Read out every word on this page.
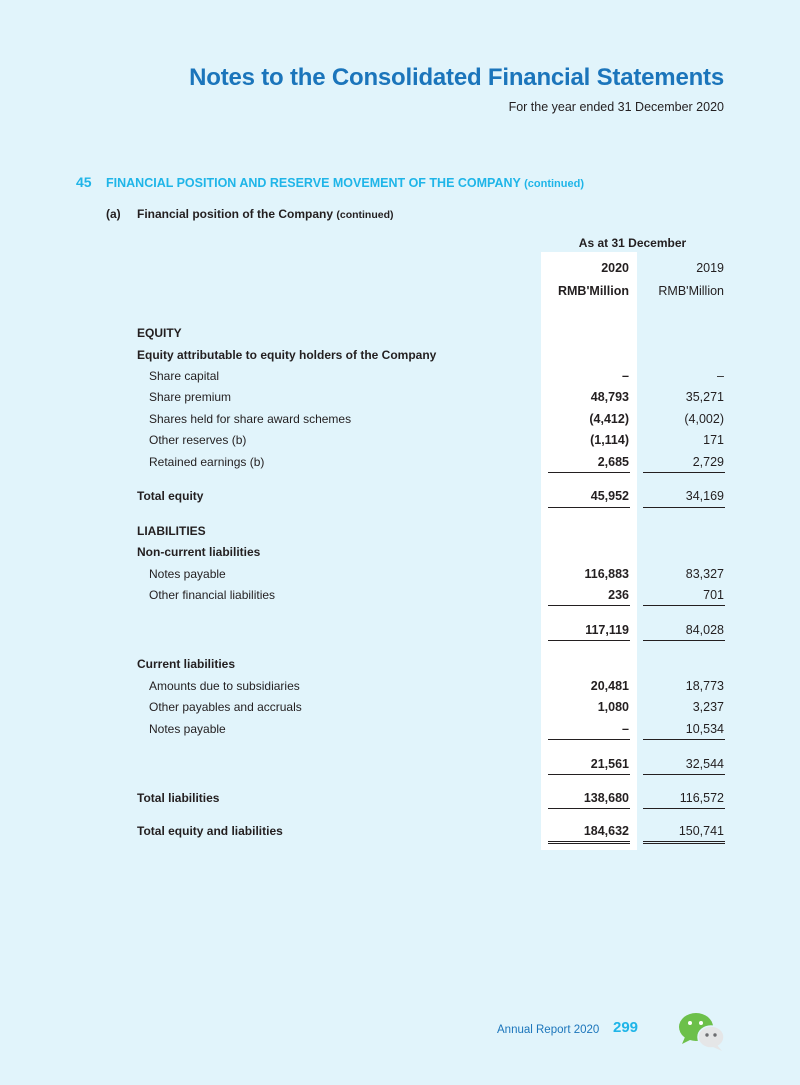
Notes to the Consolidated Financial Statements
For the year ended 31 December 2020
45 FINANCIAL POSITION AND RESERVE MOVEMENT OF THE COMPANY (continued)
(a) Financial position of the Company (continued)
As at 31 December
2020	2019
RMB'Million	RMB'Million
EQUITY
Equity attributable to equity holders of the Company
Share capital	–	–
Share premium	48,793	35,271
Shares held for share award schemes	(4,412)	(4,002)
Other reserves (b)	(1,114)	171
Retained earnings (b)	2,685	2,729
Total equity	45,952	34,169
LIABILITIES
Non-current liabilities
Notes payable	116,883	83,327
Other financial liabilities	236	701
117,119	84,028
Current liabilities
Amounts due to subsidiaries	20,481	18,773
Other payables and accruals	1,080	3,237
Notes payable	–	10,534
21,561	32,544
Total liabilities	138,680	116,572
Total equity and liabilities	184,632	150,741
Annual Report 2020 299
